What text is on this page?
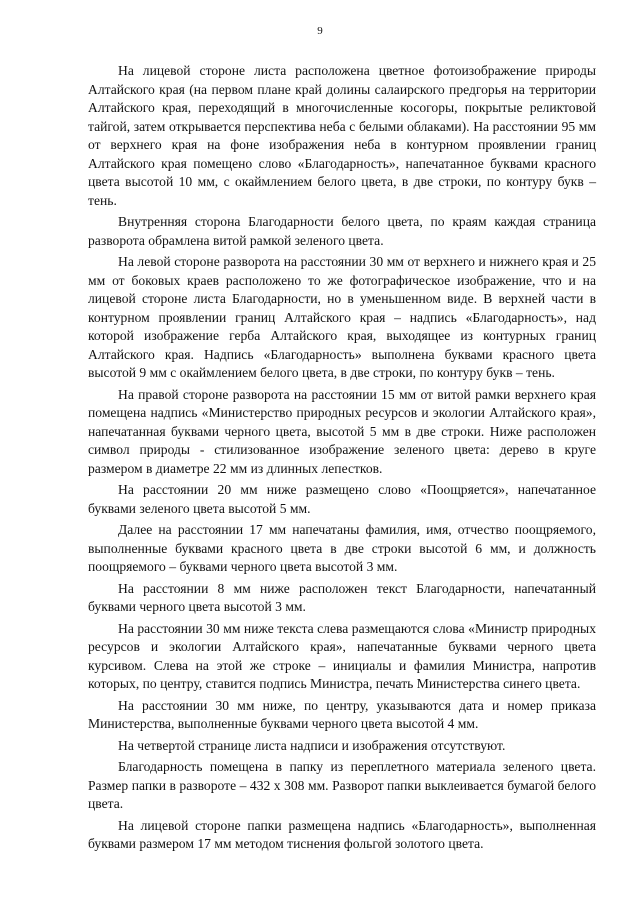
9

На лицевой стороне листа расположена цветное фотоизображение природы Алтайского края (на первом плане край долины салаирского предгорья на территории Алтайского края, переходящий в многочисленные косогоры, покрытые реликтовой тайгой, затем открывается перспектива неба с белыми облаками). На расстоянии 95 мм от верхнего края на фоне изображения неба в контурном проявлении границ Алтайского края помещено слово «Благодарность», напечатанное буквами красного цвета высотой 10 мм, с окаймлением белого цвета, в две строки, по контуру букв – тень.

Внутренняя сторона Благодарности белого цвета, по краям каждая страница разворота обрамлена витой рамкой зеленого цвета.

На левой стороне разворота на расстоянии 30 мм от верхнего и нижнего края и 25 мм от боковых краев расположено то же фотографическое изображение, что и на лицевой стороне листа Благодарности, но в уменьшенном виде. В верхней части в контурном проявлении границ Алтайского края – надпись «Благодарность», над которой изображение герба Алтайского края, выходящее из контурных границ Алтайского края. Надпись «Благодарность» выполнена буквами красного цвета высотой 9 мм с окаймлением белого цвета, в две строки, по контуру букв – тень.

На правой стороне разворота на расстоянии 15 мм от витой рамки верхнего края помещена надпись «Министерство природных ресурсов и экологии Алтайского края», напечатанная буквами черного цвета, высотой 5 мм в две строки. Ниже расположен символ природы - стилизованное изображение зеленого цвета: дерево в круге размером в диаметре 22 мм из длинных лепестков.

На расстоянии 20 мм ниже размещено слово «Поощряется», напечатанное буквами зеленого цвета высотой 5 мм.

Далее на расстоянии 17 мм напечатаны фамилия, имя, отчество поощряемого, выполненные буквами красного цвета в две строки высотой 6 мм, и должность поощряемого – буквами черного цвета высотой 3 мм.

На расстоянии 8 мм ниже расположен текст Благодарности, напечатанный буквами черного цвета высотой 3 мм.

На расстоянии 30 мм ниже текста слева размещаются слова «Министр природных ресурсов и экологии Алтайского края», напечатанные буквами черного цвета курсивом. Слева на этой же строке – инициалы и фамилия Министра, напротив которых, по центру, ставится подпись Министра, печать Министерства синего цвета.

На расстоянии 30 мм ниже, по центру, указываются дата и номер приказа Министерства, выполненные буквами черного цвета высотой 4 мм.

На четвертой странице листа надписи и изображения отсутствуют.

Благодарность помещена в папку из переплетного материала зеленого цвета. Размер папки в развороте – 432 х 308 мм. Разворот папки выклеивается бумагой белого цвета.

На лицевой стороне папки размещена надпись «Благодарность», выполненная буквами размером 17 мм методом тиснения фольгой золотого цвета.
